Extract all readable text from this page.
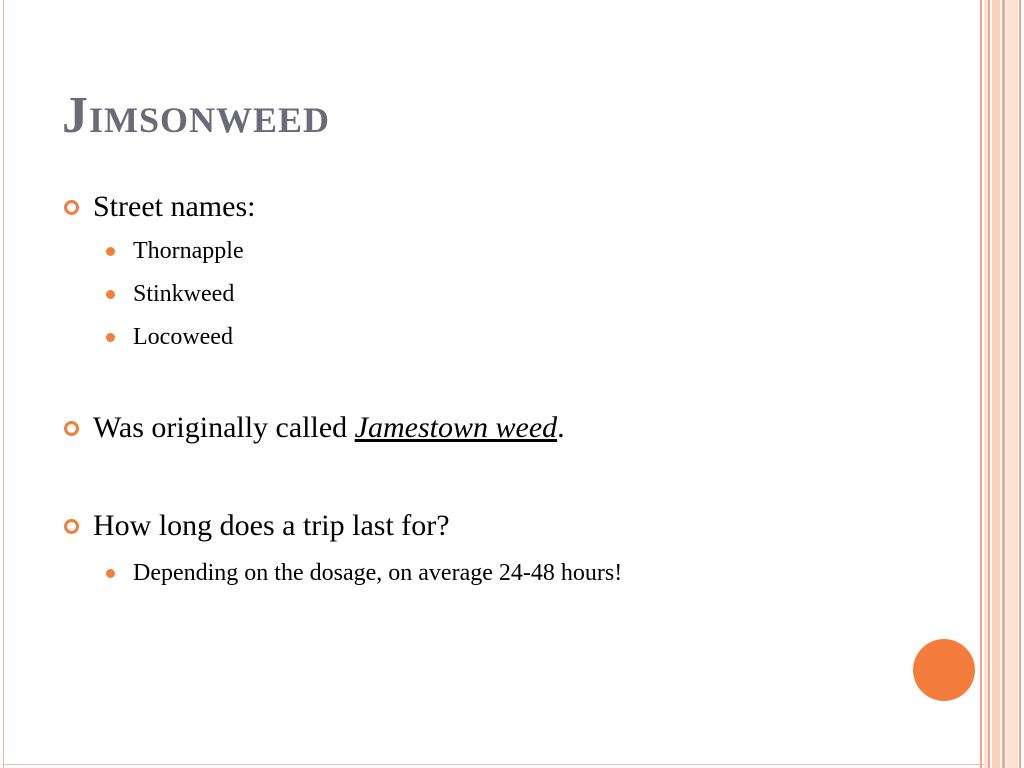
Jimsonweed
Street names:
Thornapple
Stinkweed
Locoweed
Was originally called Jamestown weed.
How long does a trip last for?
Depending on the dosage, on average 24-48 hours!
